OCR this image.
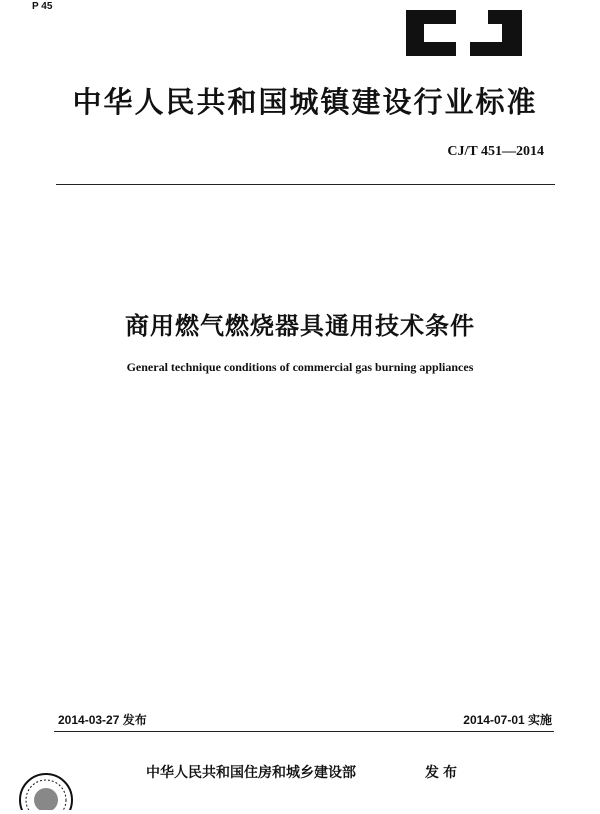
P 45
中华人民共和国城镇建设行业标准
CJ/T 451—2014
商用燃气燃烧器具通用技术条件
General technique conditions of commercial gas burning appliances
2014-03-27 发布	2014-07-01 实施
中华人民共和国住房和城乡建设部	发布
